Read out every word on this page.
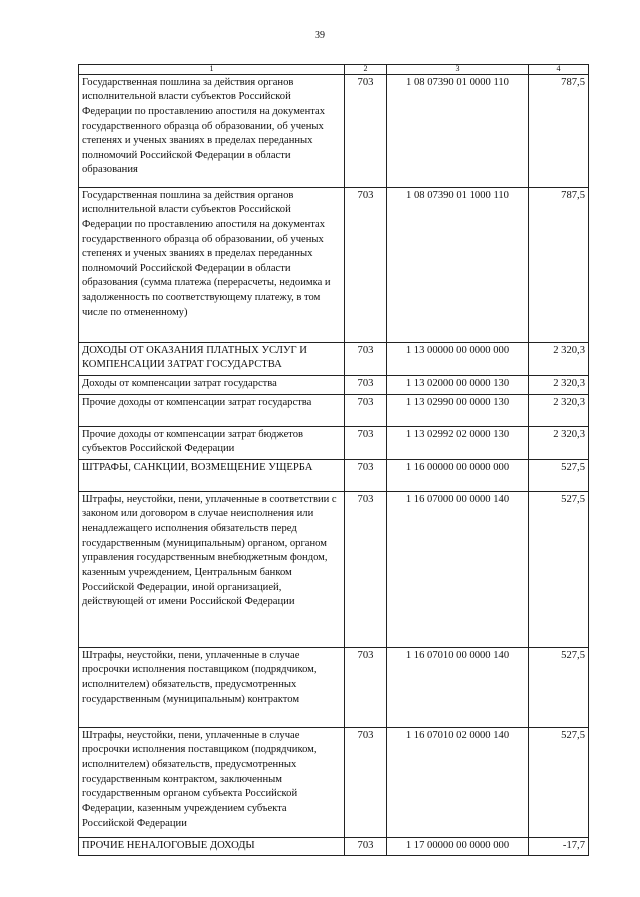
39
1	2	3	4
Государственная пошлина за действия органов исполнительной власти субъектов Российской Федерации по проставлению апостиля на документах государственного образца об образовании, об ученых степенях и ученых званиях в пределах переданных полномочий Российской Федерации в области образования	703	1 08 07390 01 0000 110	787,5
Государственная пошлина за действия органов исполнительной власти субъектов Российской Федерации по проставлению апостиля на документах государственного образца об образовании, об ученых степенях и ученых званиях в пределах переданных полномочий Российской Федерации в области образования (сумма платежа (перерасчеты, недоимка и задолженность по соответствующему платежу, в том числе по отмененному)	703	1 08 07390 01 1000 110	787,5
ДОХОДЫ ОТ ОКАЗАНИЯ ПЛАТНЫХ УСЛУГ И КОМПЕНСАЦИИ ЗАТРАТ ГОСУДАРСТВА	703	1 13 00000 00 0000 000	2 320,3
Доходы от компенсации затрат государства	703	1 13 02000 00 0000 130	2 320,3
Прочие доходы от компенсации затрат государства	703	1 13 02990 00 0000 130	2 320,3
Прочие доходы от компенсации затрат бюджетов субъектов Российской Федерации	703	1 13 02992 02 0000 130	2 320,3
ШТРАФЫ, САНКЦИИ, ВОЗМЕЩЕНИЕ УЩЕРБА	703	1 16 00000 00 0000 000	527,5
Штрафы, неустойки, пени, уплаченные в соответствии с законом или договором в случае неисполнения или ненадлежащего исполнения обязательств перед государственным (муниципальным) органом, органом управления государственным внебюджетным фондом, казенным учреждением, Центральным банком Российской Федерации, иной организацией, действующей от имени Российской Федерации	703	1 16 07000 00 0000 140	527,5
Штрафы, неустойки, пени, уплаченные в случае просрочки исполнения поставщиком (подрядчиком, исполнителем) обязательств, предусмотренных государственным (муниципальным) контрактом	703	1 16 07010 00 0000 140	527,5
Штрафы, неустойки, пени, уплаченные в случае просрочки исполнения поставщиком (подрядчиком, исполнителем) обязательств, предусмотренных государственным контрактом, заключенным государственным органом субъекта Российской Федерации, казенным учреждением субъекта Российской Федерации	703	1 16 07010 02 0000 140	527,5
ПРОЧИЕ НЕНАЛОГОВЫЕ ДОХОДЫ	703	1 17 00000 00 0000 000	-17,7
